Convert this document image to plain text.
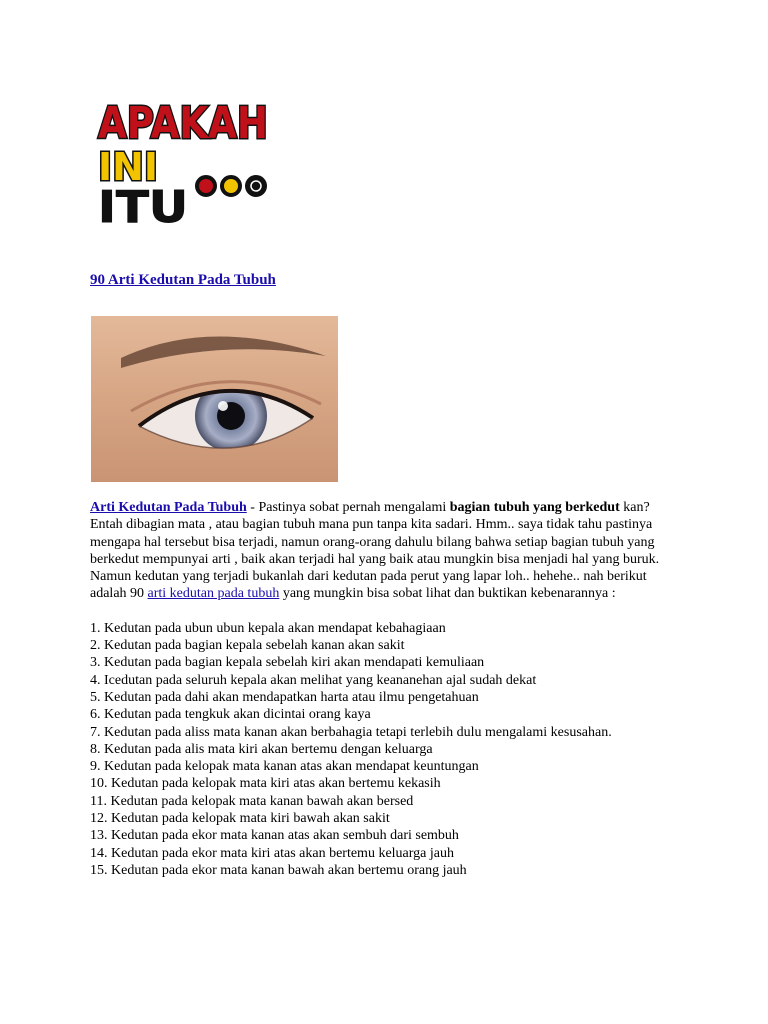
APAKAH
INI
ITU
90 Arti Kedutan Pada Tubuh

Arti Kedutan Pada Tubuh - Pastinya sobat pernah mengalami bagian tubuh yang berkedut kan? Entah dibagian mata , atau bagian tubuh mana pun tanpa kita sadari. Hmm.. saya tidak tahu pastinya mengapa hal tersebut bisa terjadi, namun orang-orang dahulu bilang bahwa setiap bagian tubuh yang berkedut mempunyai arti , baik akan terjadi hal yang baik atau mungkin bisa menjadi hal yang buruk. Namun kedutan yang terjadi bukanlah dari kedutan pada perut yang lapar loh.. hehehe.. nah berikut adalah 90 arti kedutan pada tubuh yang mungkin bisa sobat lihat dan buktikan kebenarannya :

1. Kedutan pada ubun ubun kepala akan mendapat kebahagiaan
2. Kedutan pada bagian kepala sebelah kanan akan sakit
3. Kedutan pada bagian kepala sebelah kiri akan mendapati kemuliaan
4. Icedutan pada seluruh kepala akan melihat yang keananehan ajal sudah dekat
5. Kedutan pada dahi akan mendapatkan harta atau ilmu pengetahuan
6. Kedutan pada tengkuk akan dicintai orang kaya
7. Kedutan pada aliss mata kanan akan berbahagia tetapi terlebih dulu mengalami kesusahan.
8. Kedutan pada alis mata kiri akan bertemu dengan keluarga
9. Kedutan pada kelopak mata kanan atas akan mendapat keuntungan
10. Kedutan pada kelopak mata kiri atas akan bertemu kekasih
11. Kedutan pada kelopak mata kanan bawah akan bersed
12. Kedutan pada kelopak mata kiri bawah akan sakit
13. Kedutan pada ekor mata kanan atas akan sembuh dari sembuh
14. Kedutan pada ekor mata kiri atas akan bertemu keluarga jauh
15. Kedutan pada ekor mata kanan bawah akan bertemu orang jauh
